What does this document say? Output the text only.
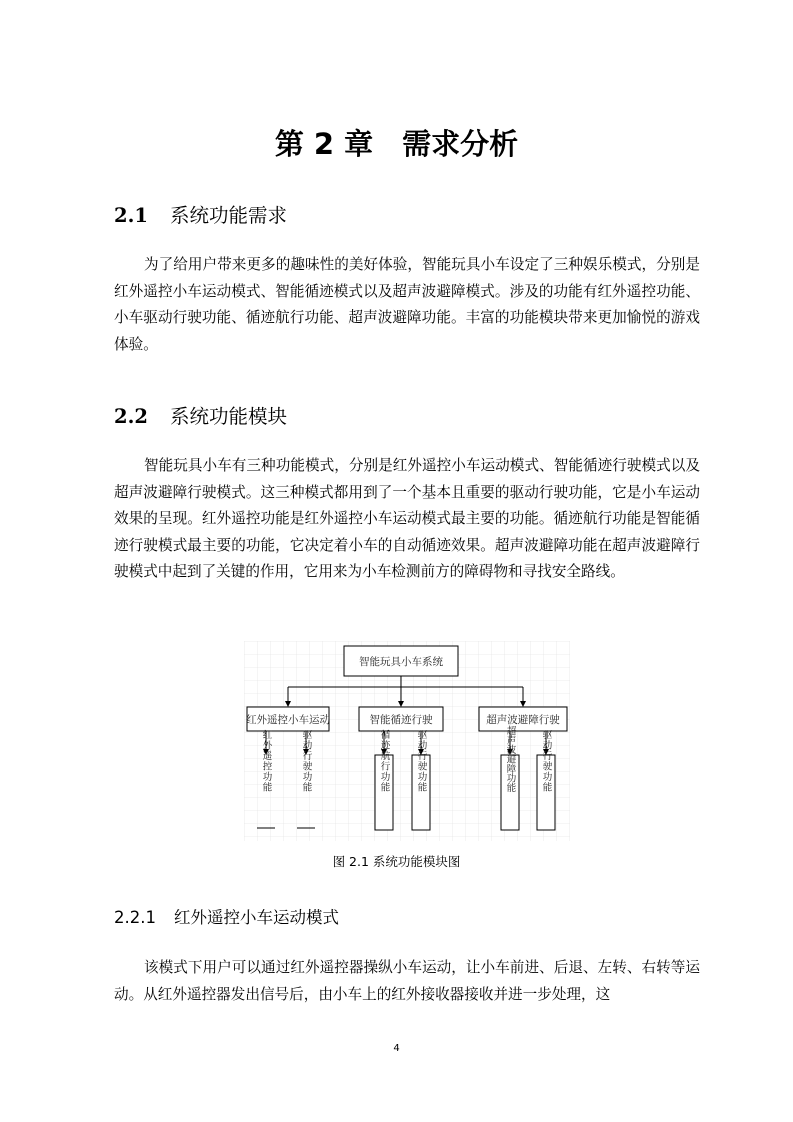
第 2 章　需求分析
2.1 系统功能需求

为了给用户带来更多的趣味性的美好体验，智能玩具小车设定了三种娱乐模式，分别是红外遥控小车运动模式、智能循迹模式以及超声波避障模式。涉及的功能有红外遥控功能、小车驱动行驶功能、循迹航行功能、超声波避障功能。丰富的功能模块带来更加愉悦的游戏体验。

2.2 系统功能模块

智能玩具小车有三种功能模式，分别是红外遥控小车运动模式、智能循迹行驶模式以及超声波避障行驶模式。这三种模式都用到了一个基本且重要的驱动行驶功能，它是小车运动效果的呈现。红外遥控功能是红外遥控小车运动模式最主要的功能。循迹航行功能是智能循迹行驶模式最主要的功能，它决定着小车的自动循迹效果。超声波避障功能在超声波避障行驶模式中起到了关键的作用，它用来为小车检测前方的障碍物和寻找安全路线。

智能玩具小车系统
红外遥控小车运动	智能循迹行驶	超声波避障行驶
红外遥控功能	驱动行驶功能	循迹航行功能	驱动行驶功能	超声波避障功能	驱动行驶功能
图 2.1 系统功能模块图
2.2.1 红外遥控小车运动模式

该模式下用户可以通过红外遥控器操纵小车运动，让小车前进、后退、左转、右转等运动。从红外遥控器发出信号后，由小车上的红外接收器接收并进一步处理，这

4
